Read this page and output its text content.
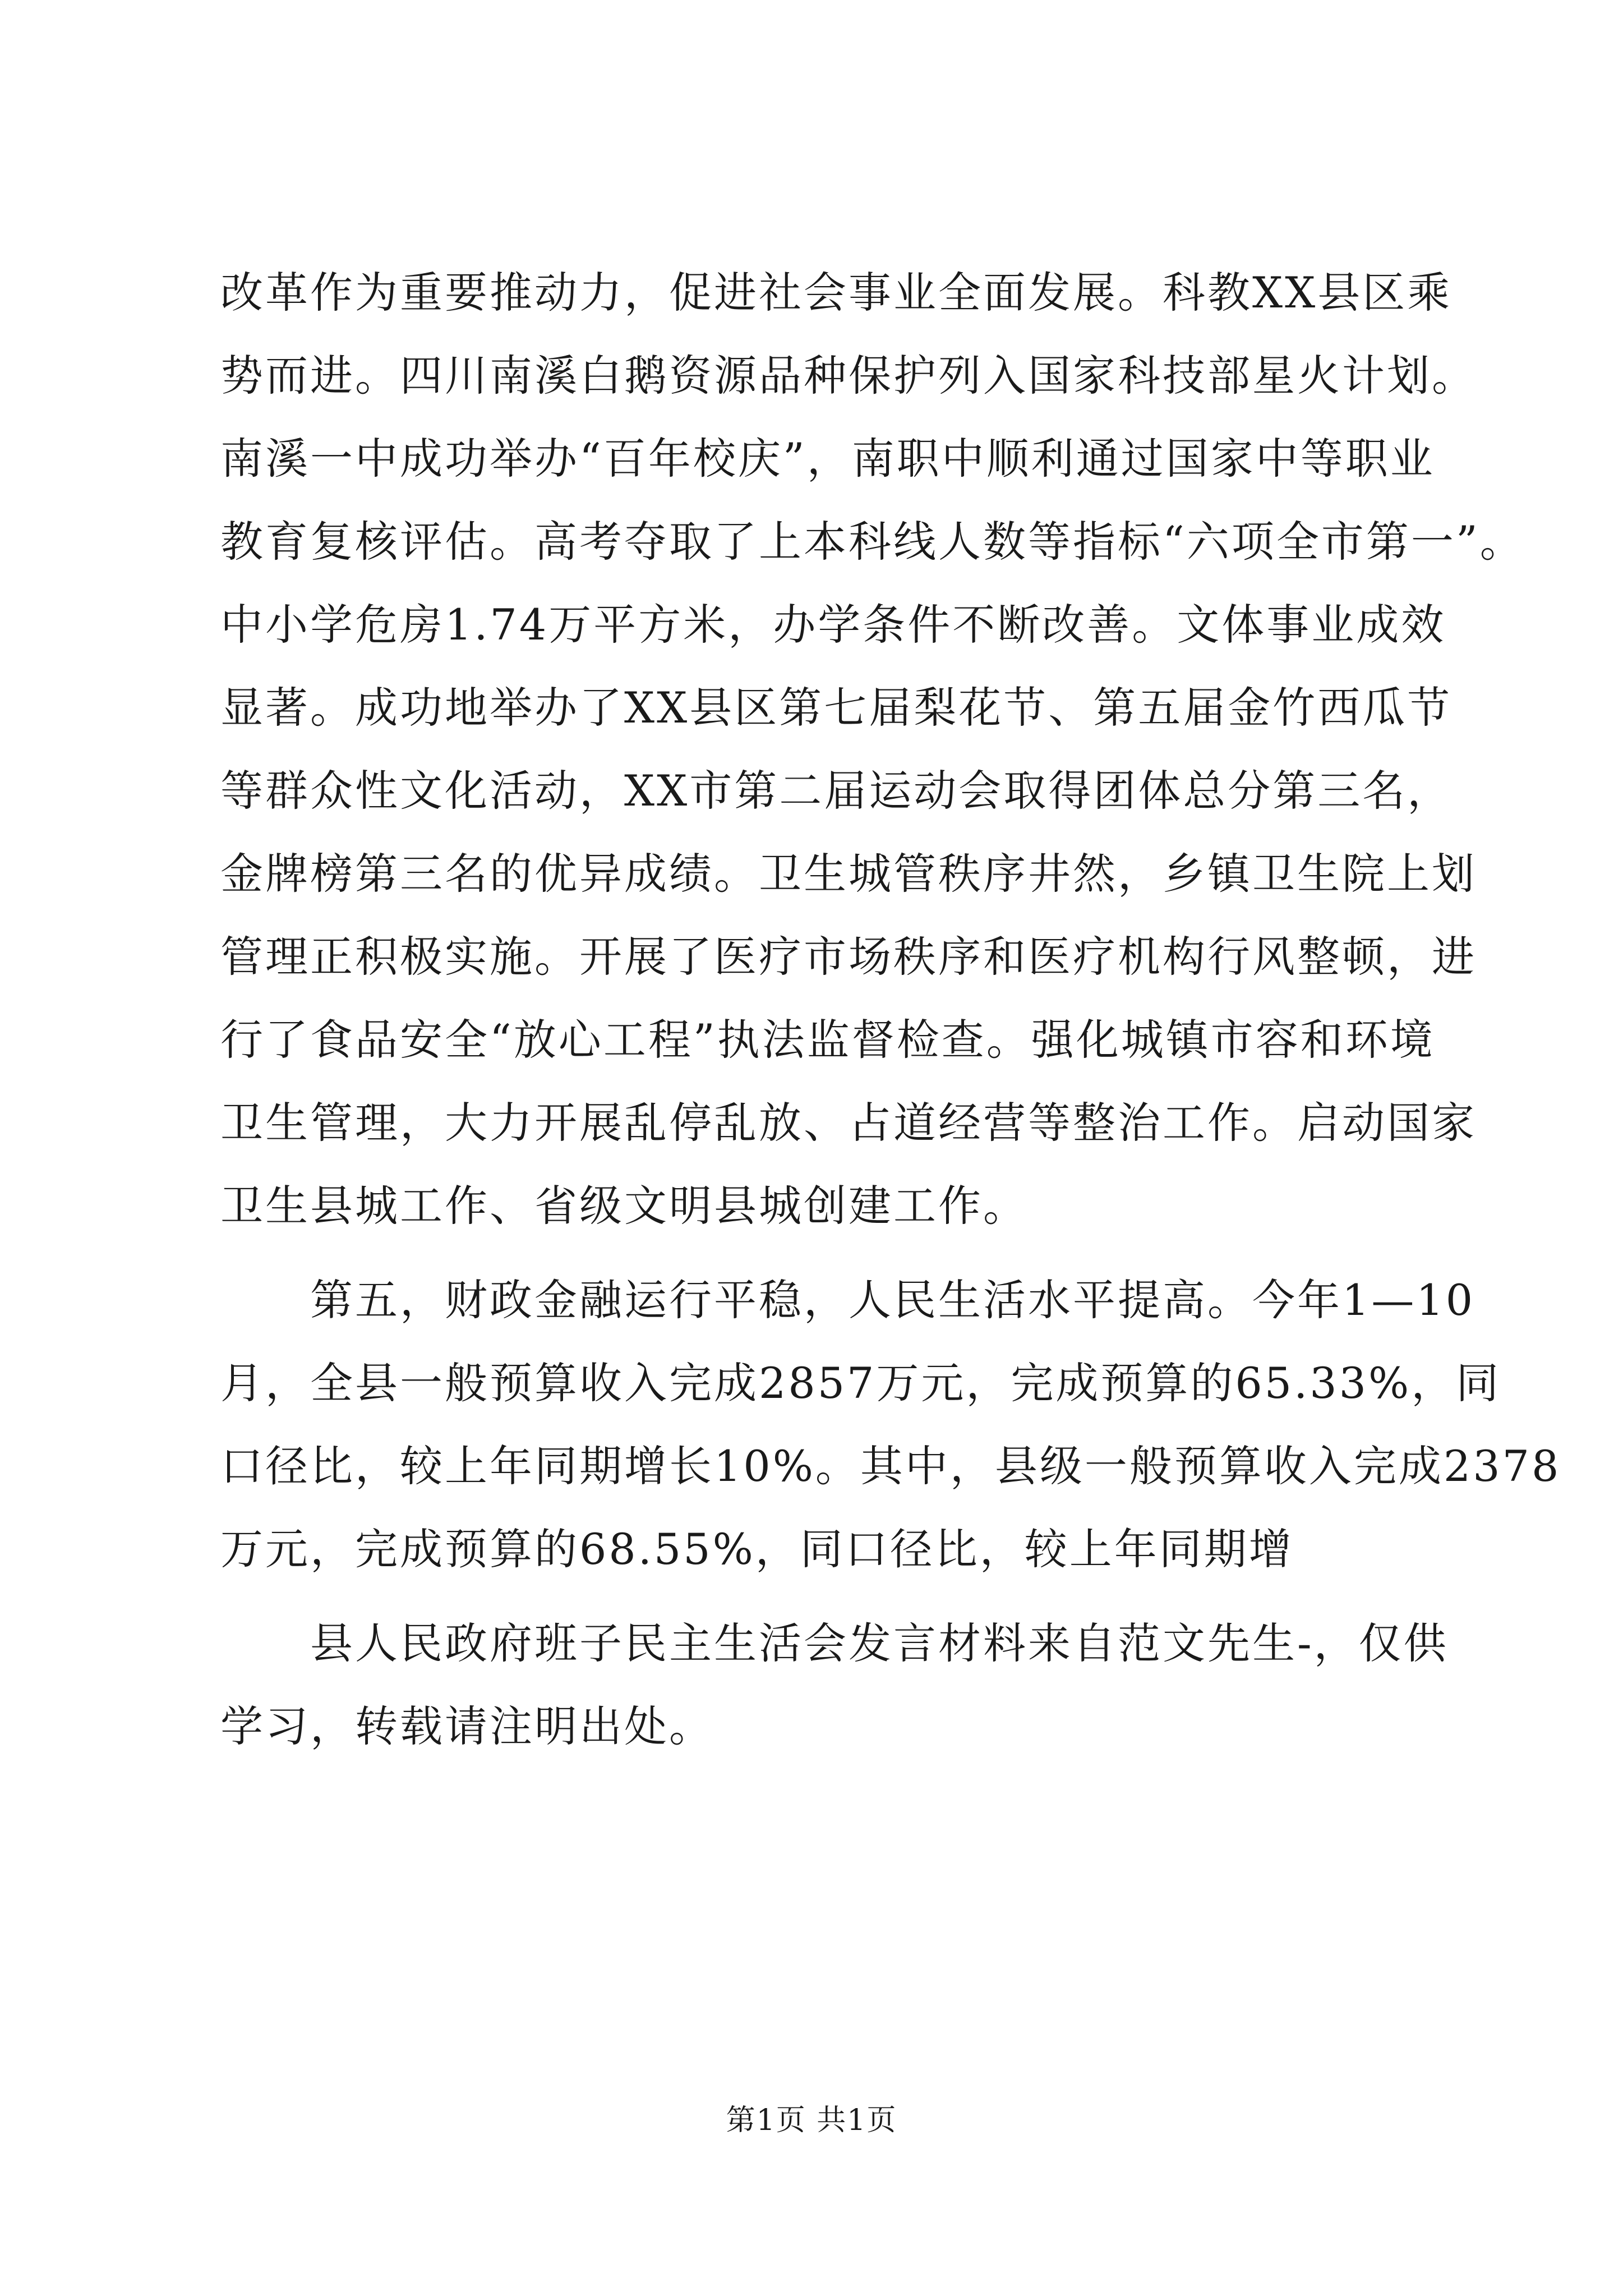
改革作为重要推动力，促进社会事业全面发展。科教XX县区乘
势而进。四川南溪白鹅资源品种保护列入国家科技部星火计划。
南溪一中成功举办“百年校庆”，南职中顺利通过国家中等职业
教育复核评估。高考夺取了上本科线人数等指标“六项全市第一”。
中小学危房1.74万平方米，办学条件不断改善。文体事业成效
显著。成功地举办了XX县区第七届梨花节、第五届金竹西瓜节
等群众性文化活动，XX市第二届运动会取得团体总分第三名，
金牌榜第三名的优异成绩。卫生城管秩序井然，乡镇卫生院上划
管理正积极实施。开展了医疗市场秩序和医疗机构行风整顿，进
行了食品安全“放心工程”执法监督检查。强化城镇市容和环境
卫生管理，大力开展乱停乱放、占道经营等整治工作。启动国家
卫生县城工作、省级文明县城创建工作。
　　第五，财政金融运行平稳，人民生活水平提高。今年1—10
月，全县一般预算收入完成2857万元，完成预算的65.33%，同
口径比，较上年同期增长10%。其中，县级一般预算收入完成2378
万元，完成预算的68.55%，同口径比，较上年同期增
　　县人民政府班子民主生活会发言材料来自范文先生-，仅供
学习，转载请注明出处。
第1页 共1页
